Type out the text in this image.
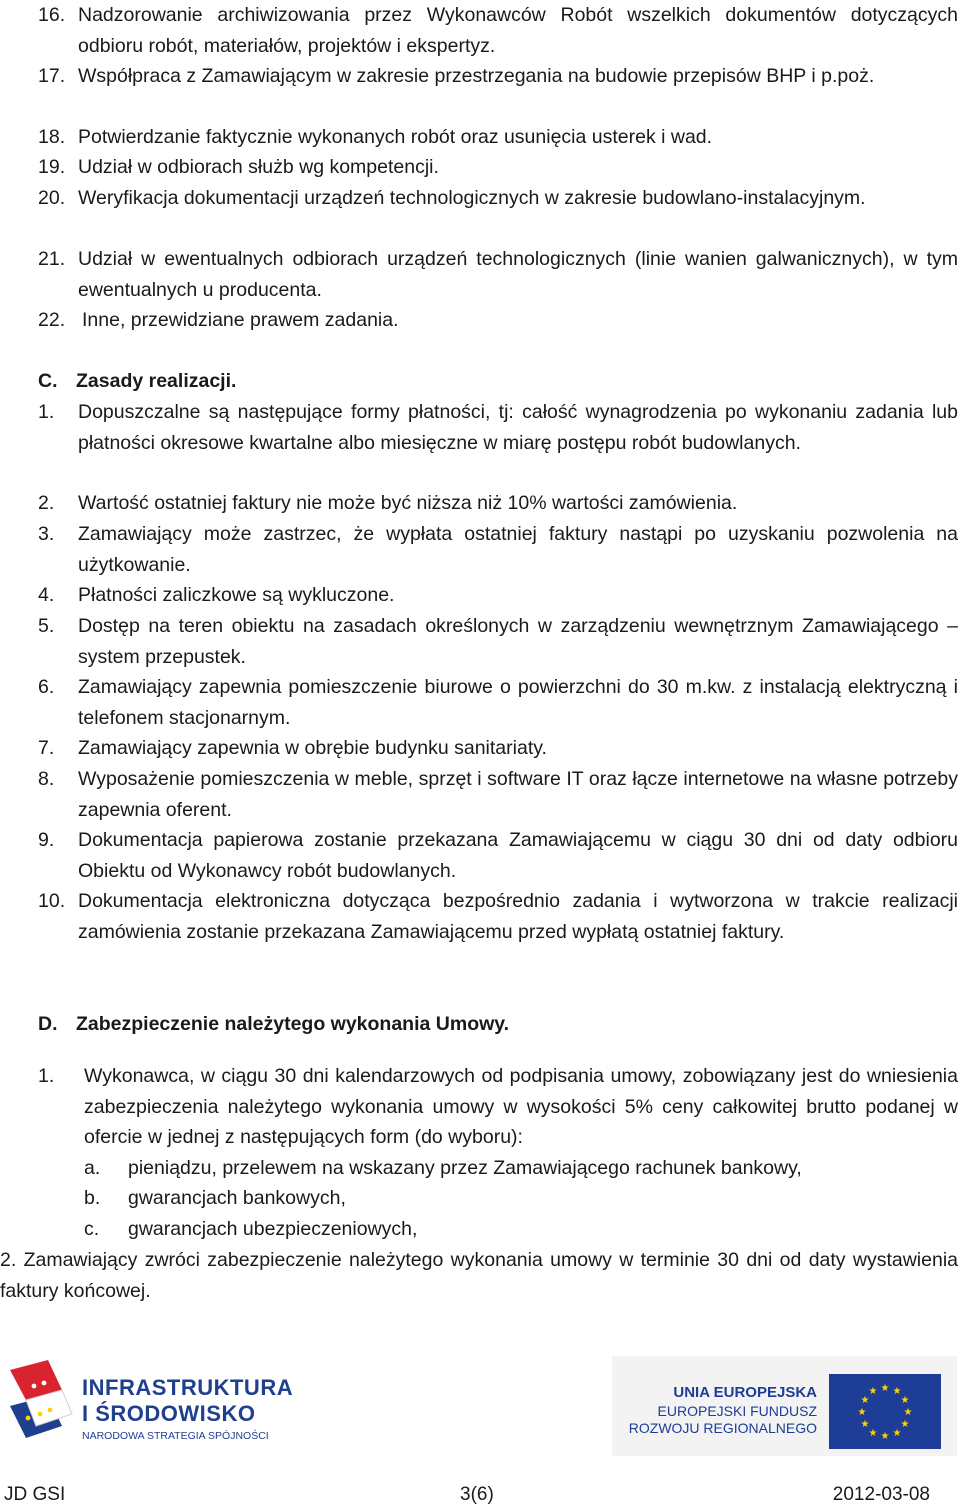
16. Nadzorowanie archiwizowania przez Wykonawców Robót wszelkich dokumentów dotyczących odbioru robót, materiałów, projektów i ekspertyz.
17. Współpraca z Zamawiającym w zakresie przestrzegania na budowie przepisów BHP i p.poż.
18. Potwierdzanie faktycznie wykonanych robót oraz usunięcia usterek i wad.
19. Udział w odbiorach służb wg kompetencji.
20. Weryfikacja dokumentacji urządzeń technologicznych w zakresie budowlano-instalacyjnym.
21. Udział w ewentualnych odbiorach urządzeń technologicznych (linie wanien galwanicznych), w tym ewentualnych u producenta.
22. Inne, przewidziane prawem zadania.
C. Zasady realizacji.
1. Dopuszczalne są następujące formy płatności, tj: całość wynagrodzenia po wykonaniu zadania lub płatności okresowe kwartalne albo miesięczne w miarę postępu robót budowlanych.
2. Wartość ostatniej faktury nie może być niższa niż 10% wartości zamówienia.
3. Zamawiający może zastrzec, że wypłata ostatniej faktury nastąpi po uzyskaniu pozwolenia na użytkowanie.
4. Płatności zaliczkowe są wykluczone.
5. Dostęp na teren obiektu na zasadach określonych w zarządzeniu wewnętrznym Zamawiającego – system przepustek.
6. Zamawiający zapewnia pomieszczenie biurowe o powierzchni do 30 m.kw. z instalacją elektryczną i telefonem stacjonarnym.
7. Zamawiający zapewnia w obrębie budynku sanitariaty.
8. Wyposażenie pomieszczenia w meble, sprzęt i software IT oraz łącze internetowe na własne potrzeby zapewnia oferent.
9. Dokumentacja papierowa zostanie przekazana Zamawiającemu w ciągu 30 dni od daty odbioru Obiektu od Wykonawcy robót budowlanych.
10. Dokumentacja elektroniczna dotycząca bezpośrednio zadania i wytworzona w trakcie realizacji zamówienia zostanie przekazana Zamawiającemu przed wypłatą ostatniej faktury.
D. Zabezpieczenie należytego wykonania Umowy.
1. Wykonawca, w ciągu 30 dni kalendarzowych od podpisania umowy, zobowiązany jest do wniesienia zabezpieczenia należytego wykonania umowy w wysokości 5% ceny całkowitej brutto podanej w ofercie w jednej z następujących form (do wyboru):
a. pieniądzu, przelewem na wskazany przez Zamawiającego rachunek bankowy,
b. gwarancjach bankowych,
c. gwarancjach ubezpieczeniowych,
2. Zamawiający zwróci zabezpieczenie należytego wykonania umowy w terminie 30 dni od daty wystawienia faktury końcowej.
INFRASTRUKTURA
I ŚRODOWISKO
NARODOWA STRATEGIA SPÓJNOŚCI
UNIA EUROPEJSKA
EUROPEJSKI FUNDUSZ
ROZWOJU REGIONALNEGO
★ ★
★
★
★
★
★
★
★
★
★
★
JD GSI	3(6)	2012-03-08
